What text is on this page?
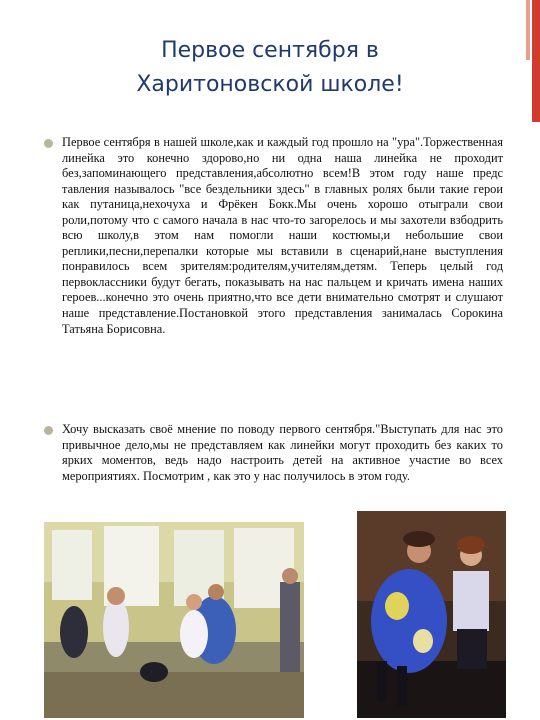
Первое сентября в
Харитоновской школе!

Первое сентября в нашей школе,как и каждый год прошло на "ура".Торжественная линейка это конечно здорово,но ни одна наша линейка не проходит без,запоминающего представления,абсолютно всем!В этом году наше предс тавления называлось "все бездельники здесь" в главных ролях были такие герои как путаница,нехочуха и Фрёкен Бокк.Мы очень хорошо отыграли свои роли,потому что с самого начала в нас что-то загорелось и мы захотели взбодрить всю школу,в этом нам помогли наши костюмы,и небольшие свои реплики,песни,перепалки которые мы вставили в сценарий,нане выступления понравилось всем зрителям:родителям,учителям,детям. Теперь целый год первоклассники будут бегать, показывать на нас пальцем и кричать имена наших героев...конечно это очень приятно,что все дети внимательно смотрят и слушают наше представление.Постановкой этого представления занималась Сорокина Татьяна Борисовна.

Хочу высказать своё мнение по поводу первого сентября."Выступать для нас это привычное дело,мы не представляем как линейки могут проходить без каких то ярких моментов, ведь надо настроить детей на активное участие во всех мероприятиях. Посмотрим , как это у нас получилось в этом году.
